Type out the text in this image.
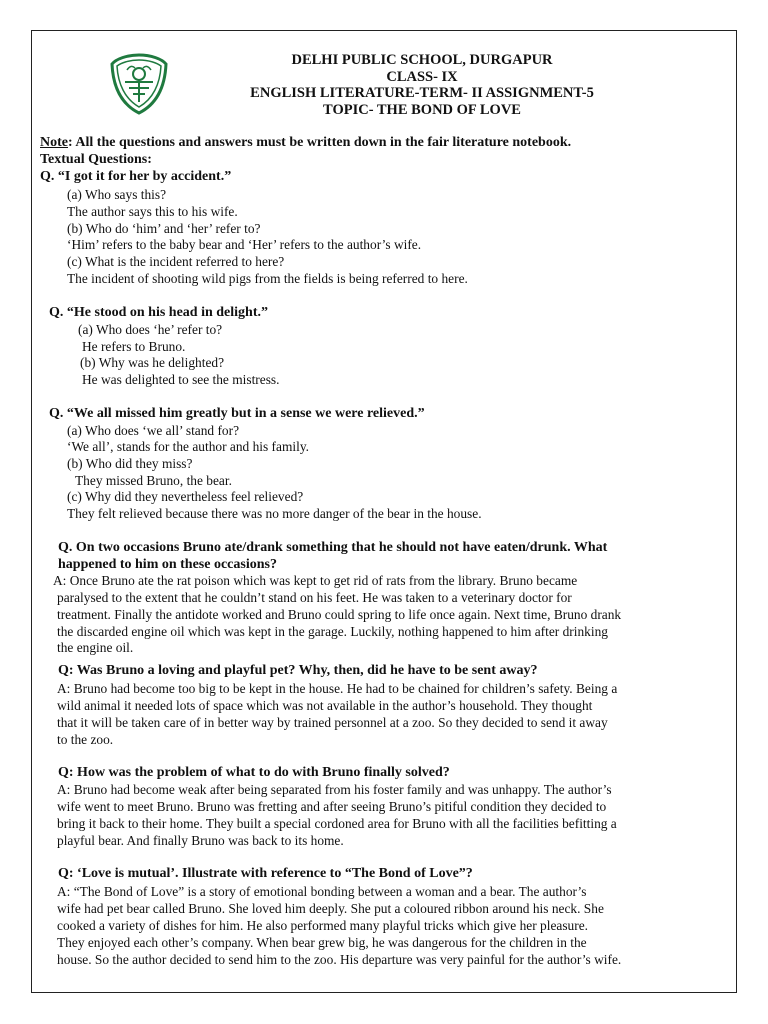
DELHI PUBLIC SCHOOL, DURGAPUR
CLASS- IX
ENGLISH LITERATURE-TERM- II ASSIGNMENT-5
TOPIC- THE BOND OF LOVE
Note: All the questions and answers must be written down in the fair literature notebook.
Textual Questions:
Q. “I got it for her by accident.”
(a) Who says this?
The author says this to his wife.
(b) Who do ‘him’ and ‘her’ refer to?
‘Him’ refers to the baby bear and ‘Her’ refers to the author’s wife.
(c) What is the incident referred to here?
The incident of shooting wild pigs from the fields is being referred to here.
Q. “He stood on his head in delight.”
(a) Who does ‘he’ refer to?
He refers to Bruno.
(b) Why was he delighted?
He was delighted to see the mistress.
Q. “We all missed him greatly but in a sense we were relieved.”
(a) Who does ‘we all’ stand for?
‘We all’, stands for the author and his family.
(b) Who did they miss?
They missed Bruno, the bear.
(c) Why did they nevertheless feel relieved?
They felt relieved because there was no more danger of the bear in the house.
Q. On two occasions Bruno ate/drank something that he should not have eaten/drunk. What
happened to him on these occasions?
A: Once Bruno ate the rat poison which was kept to get rid of rats from the library. Bruno became
paralysed to the extent that he couldn’t stand on his feet. He was taken to a veterinary doctor for
treatment. Finally the antidote worked and Bruno could spring to life once again. Next time, Bruno drank
the discarded engine oil which was kept in the garage. Luckily, nothing happened to him after drinking
the engine oil.
Q: Was Bruno a loving and playful pet? Why, then, did he have to be sent away?
A: Bruno had become too big to be kept in the house. He had to be chained for children’s safety. Being a
wild animal it needed lots of space which was not available in the author’s household. They thought
that it will be taken care of in better way by trained personnel at a zoo. So they decided to send it away
to the zoo.
Q: How was the problem of what to do with Bruno finally solved?
A: Bruno had become weak after being separated from his foster family and was unhappy. The author’s
wife went to meet Bruno. Bruno was fretting and after seeing Bruno’s pitiful condition they decided to
bring it back to their home. They built a special cordoned area for Bruno with all the facilities befitting a
playful bear. And finally Bruno was back to its home.
Q: ‘Love is mutual’. Illustrate with reference to “The Bond of Love”?
A: “The Bond of Love” is a story of emotional bonding between a woman and a bear. The author’s
wife had pet bear called Bruno. She loved him deeply. She put a coloured ribbon around his neck. She
cooked a variety of dishes for him. He also performed many playful tricks which give her pleasure.
They enjoyed each other’s company. When bear grew big, he was dangerous for the children in the
house. So the author decided to send him to the zoo. His departure was very painful for the author’s wife.
